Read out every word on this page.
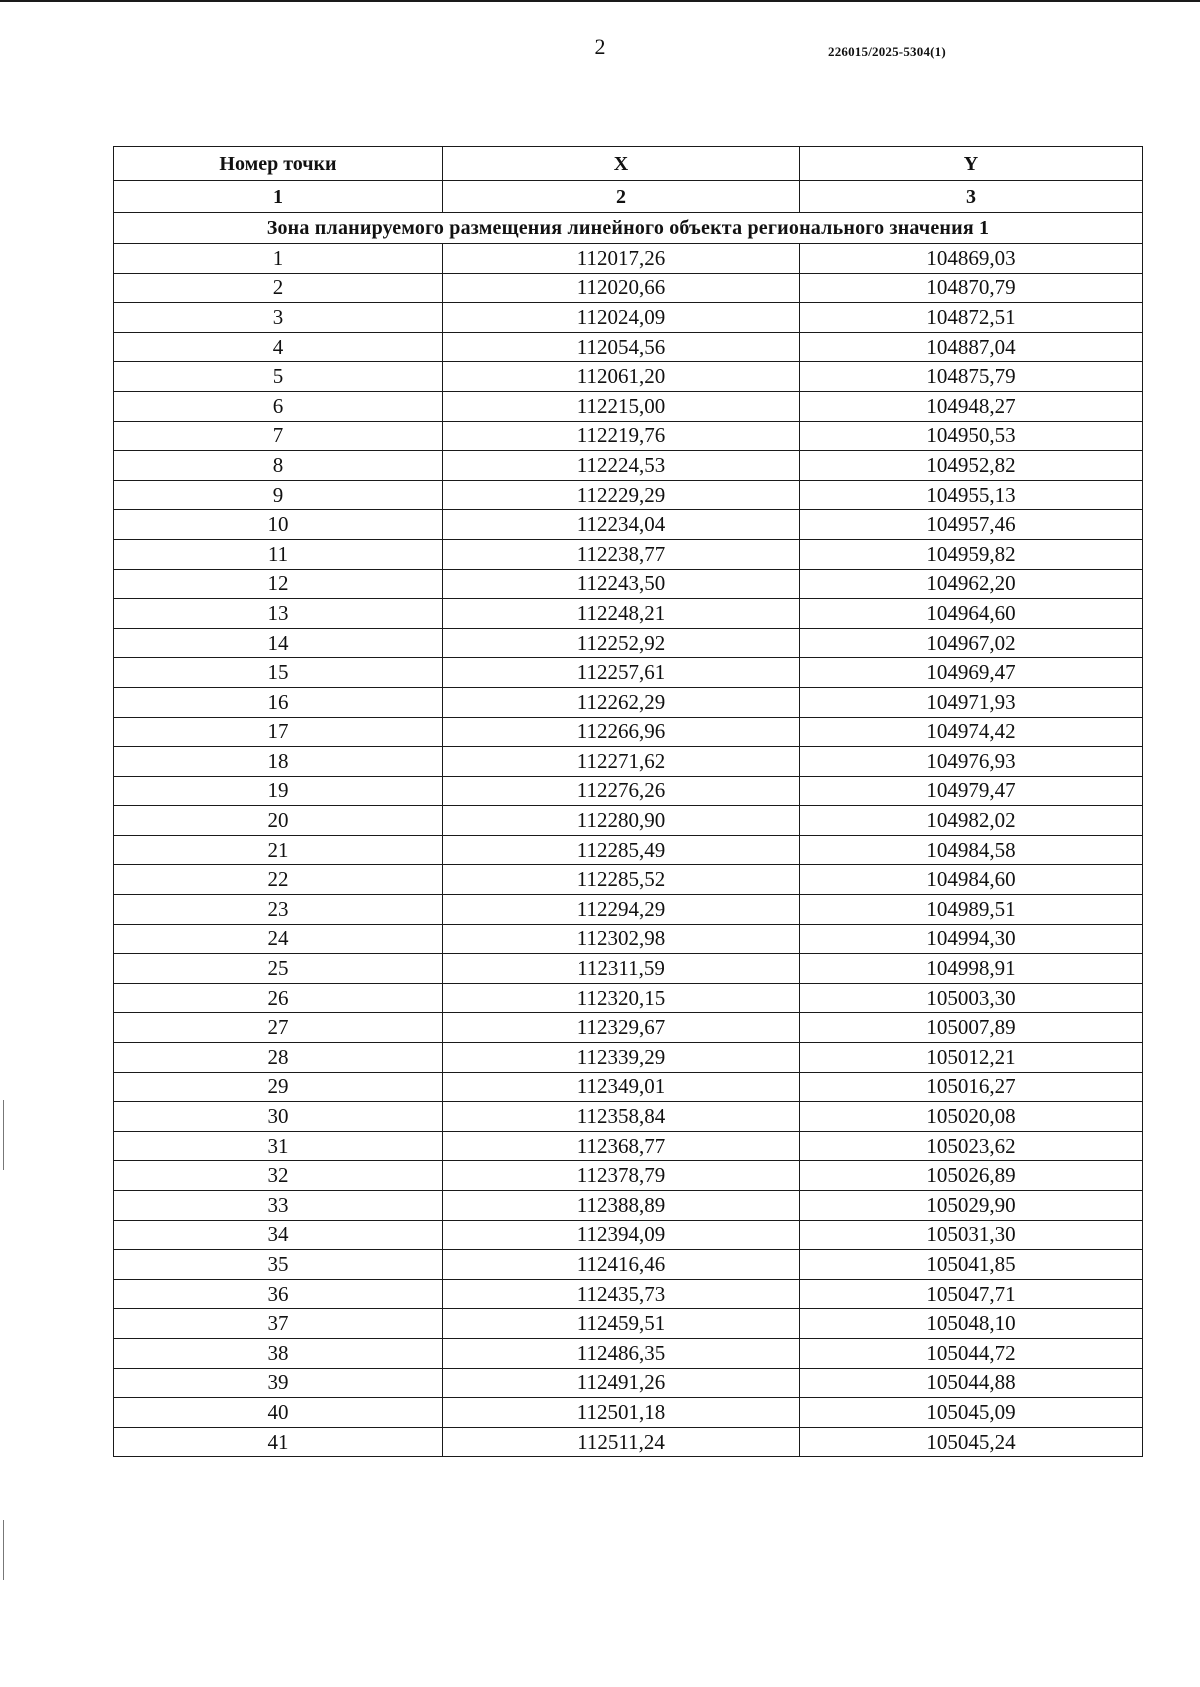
2	226015/2025-5304(1)
Номер точки	X	Y
1	2	3
Зона планируемого размещения линейного объекта регионального значения 1		
1	112017,26	104869,03
2	112020,66	104870,79
3	112024,09	104872,51
4	112054,56	104887,04
5	112061,20	104875,79
6	112215,00	104948,27
7	112219,76	104950,53
8	112224,53	104952,82
9	112229,29	104955,13
10	112234,04	104957,46
11	112238,77	104959,82
12	112243,50	104962,20
13	112248,21	104964,60
14	112252,92	104967,02
15	112257,61	104969,47
16	112262,29	104971,93
17	112266,96	104974,42
18	112271,62	104976,93
19	112276,26	104979,47
20	112280,90	104982,02
21	112285,49	104984,58
22	112285,52	104984,60
23	112294,29	104989,51
24	112302,98	104994,30
25	112311,59	104998,91
26	112320,15	105003,30
27	112329,67	105007,89
28	112339,29	105012,21
29	112349,01	105016,27
30	112358,84	105020,08
31	112368,77	105023,62
32	112378,79	105026,89
33	112388,89	105029,90
34	112394,09	105031,30
35	112416,46	105041,85
36	112435,73	105047,71
37	112459,51	105048,10
38	112486,35	105044,72
39	112491,26	105044,88
40	112501,18	105045,09
41	112511,24	105045,24
